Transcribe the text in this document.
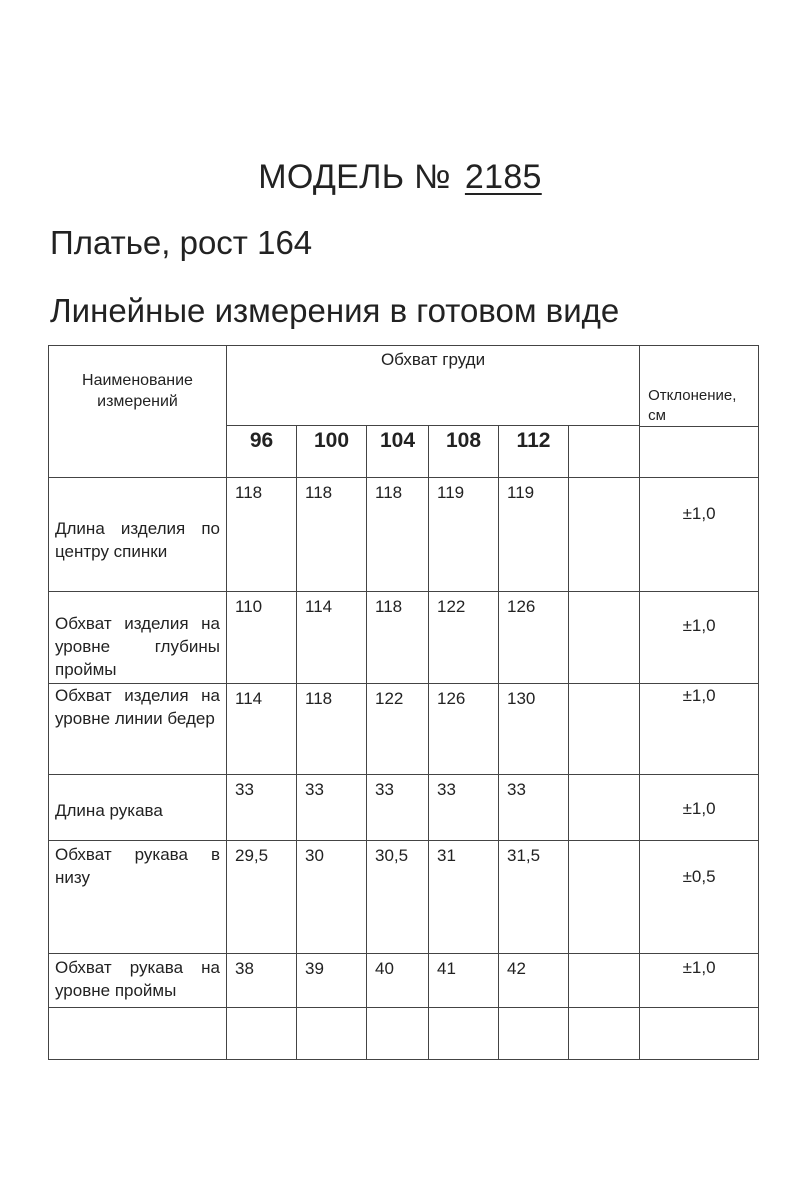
МОДЕЛЬ № 2185
Платье, рост 164
Линейные измерения в готовом виде
Наименование измерений	Обхват груди						Отклонение, см
	96	100	104	108	112		

Длина изделия по центру спинки	118	118	118	119	119		±1,0
Обхват изделия на уровне глубины проймы	110	114	118	122	126		±1,0
Обхват изделия на уровне линии бедер	114	118	122	126	130		±1,0
Длина рукава	33	33	33	33	33		±1,0
Обхват рукава в низу	29,5	30	30,5	31	31,5		±0,5
Обхват рукава на уровне проймы	38	39	40	41	42		±1,0
